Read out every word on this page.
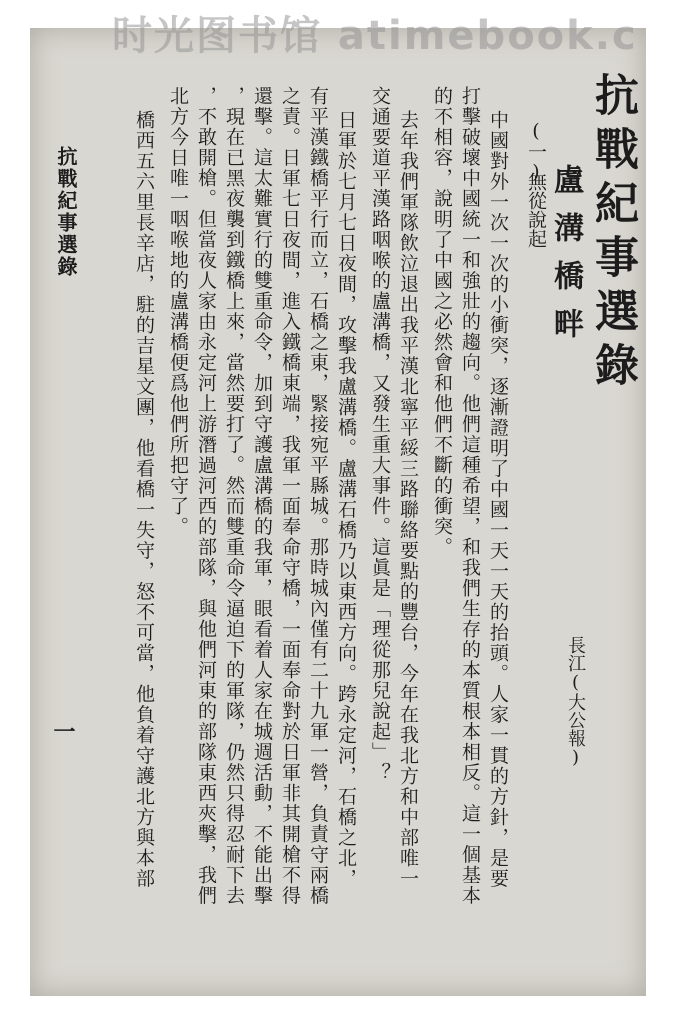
抗戰紀事選錄
長江(大公報)
(一)
無從說起 盧溝橋畔
中國對外一次一次的小衝突，逐漸證明了中國一天一天的抬頭。人家一貫的方針，是要
打擊破壞中國統一和強壯的趨向。他們這種希望，和我們生存的本質根本相反。這一個基本
的不相容，說明了中國之必然會和他們不斷的衝突。
去年我們軍隊飲泣退出我平漢北寧平綏三路聯絡要點的豐台，今年在我北方和中部唯一
交通要道平漢路咽喉的盧溝橋，又發生重大事件。這眞是「理從那兒說起」？
日軍於七月七日夜間，攻擊我盧溝橋。盧溝石橋乃以東西方向。跨永定河，石橋之北，
有平漢鐵橋平行而立，石橋之東，緊接宛平縣城。那時城內僅有二十九軍一營，負責守兩橋
之責。日軍七日夜間，進入鐵橋東端，我軍一面奉命守橋，一面奉命對於日軍非其開槍不得
還擊。這太難實行的雙重命令，加到守護盧溝橋的我軍，眼看着人家在城週活動，不能出擊
，現在已黑夜襲到鐵橋上來，當然要打了。然而雙重命令逼迫下的軍隊，仍然只得忍耐下去
，不敢開槍。但當夜人家由永定河上游潛過河西的部隊，與他們河東的部隊東西夾擊，我們
北方今日唯一咽喉地的盧溝橋便爲他們所把守了。
橋西五六里長辛店，駐的吉星文團，他看橋一失守，怒不可當，他負着守護北方與本部
抗戰紀事選錄
一
时光图书馆 atimebook.c
